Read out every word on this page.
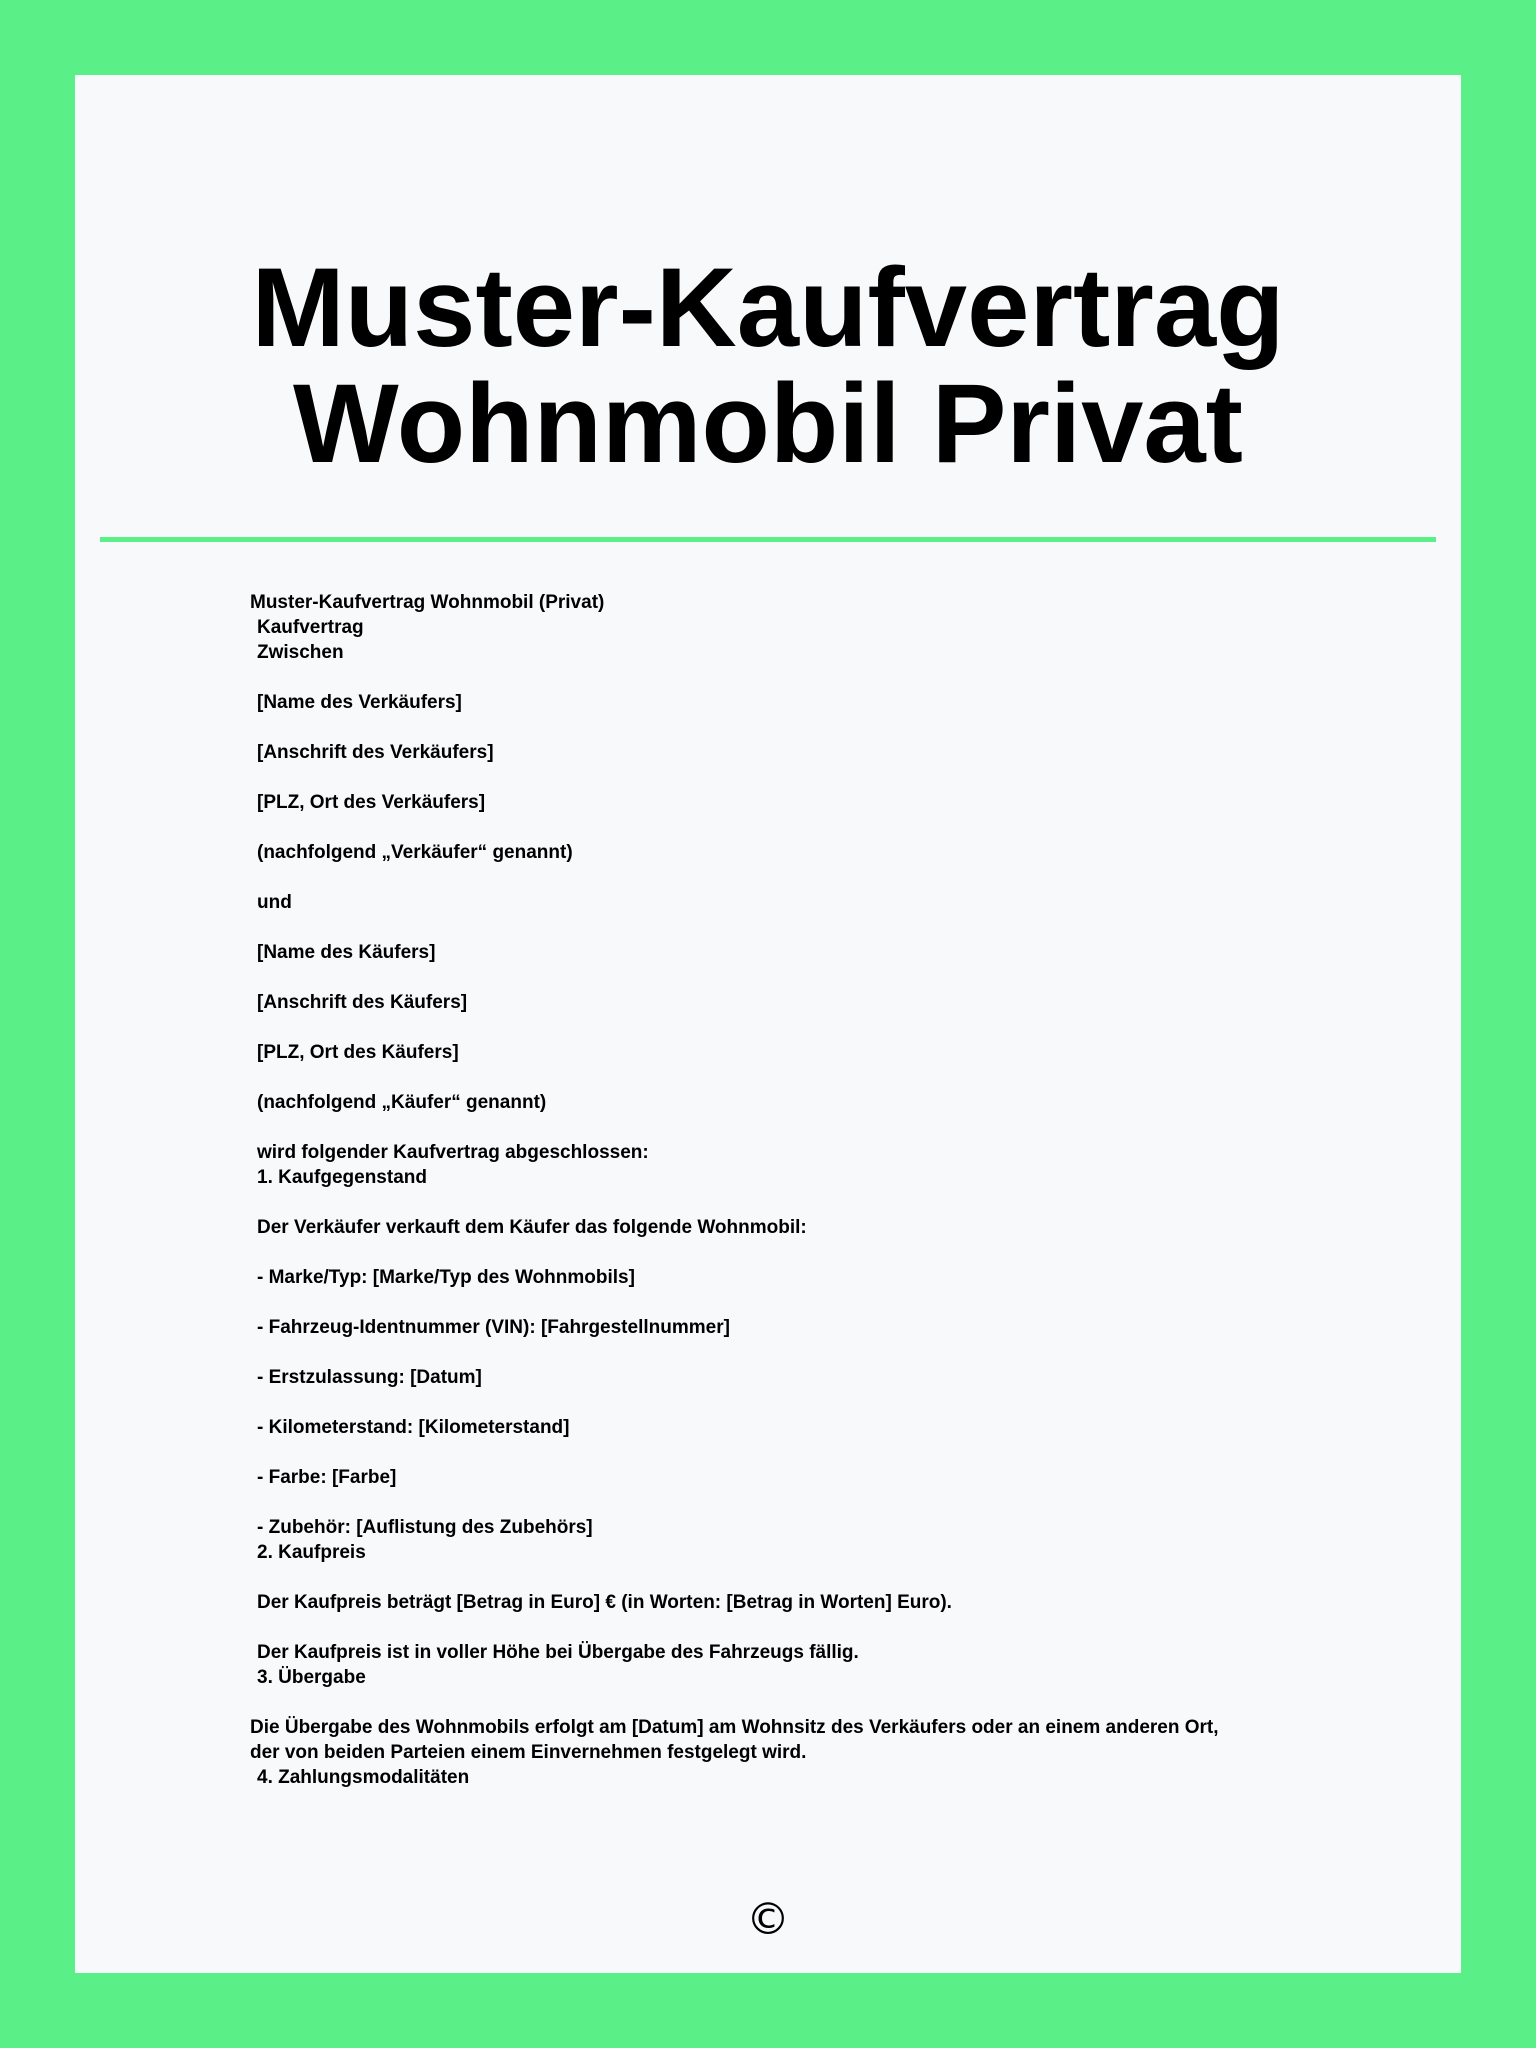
Muster-Kaufvertrag
Wohnmobil Privat
Muster-Kaufvertrag Wohnmobil (Privat)
Kaufvertrag
Zwischen
[Name des Verkäufers]
[Anschrift des Verkäufers]
[PLZ, Ort des Verkäufers]
(nachfolgend „Verkäufer“ genannt)
und
[Name des Käufers]
[Anschrift des Käufers]
[PLZ, Ort des Käufers]
(nachfolgend „Käufer“ genannt)
wird folgender Kaufvertrag abgeschlossen:
1. Kaufgegenstand
Der Verkäufer verkauft dem Käufer das folgende Wohnmobil:
- Marke/Typ: [Marke/Typ des Wohnmobils]
- Fahrzeug-Identnummer (VIN): [Fahrgestellnummer]
- Erstzulassung: [Datum]
- Kilometerstand: [Kilometerstand]
- Farbe: [Farbe]
- Zubehör: [Auflistung des Zubehörs]
2. Kaufpreis
Der Kaufpreis beträgt [Betrag in Euro] € (in Worten: [Betrag in Worten] Euro).
Der Kaufpreis ist in voller Höhe bei Übergabe des Fahrzeugs fällig.
3. Übergabe
Die Übergabe des Wohnmobils erfolgt am [Datum] am Wohnsitz des Verkäufers oder an einem anderen Ort,
der von beiden Parteien einem Einvernehmen festgelegt wird.
4. Zahlungsmodalitäten
©
